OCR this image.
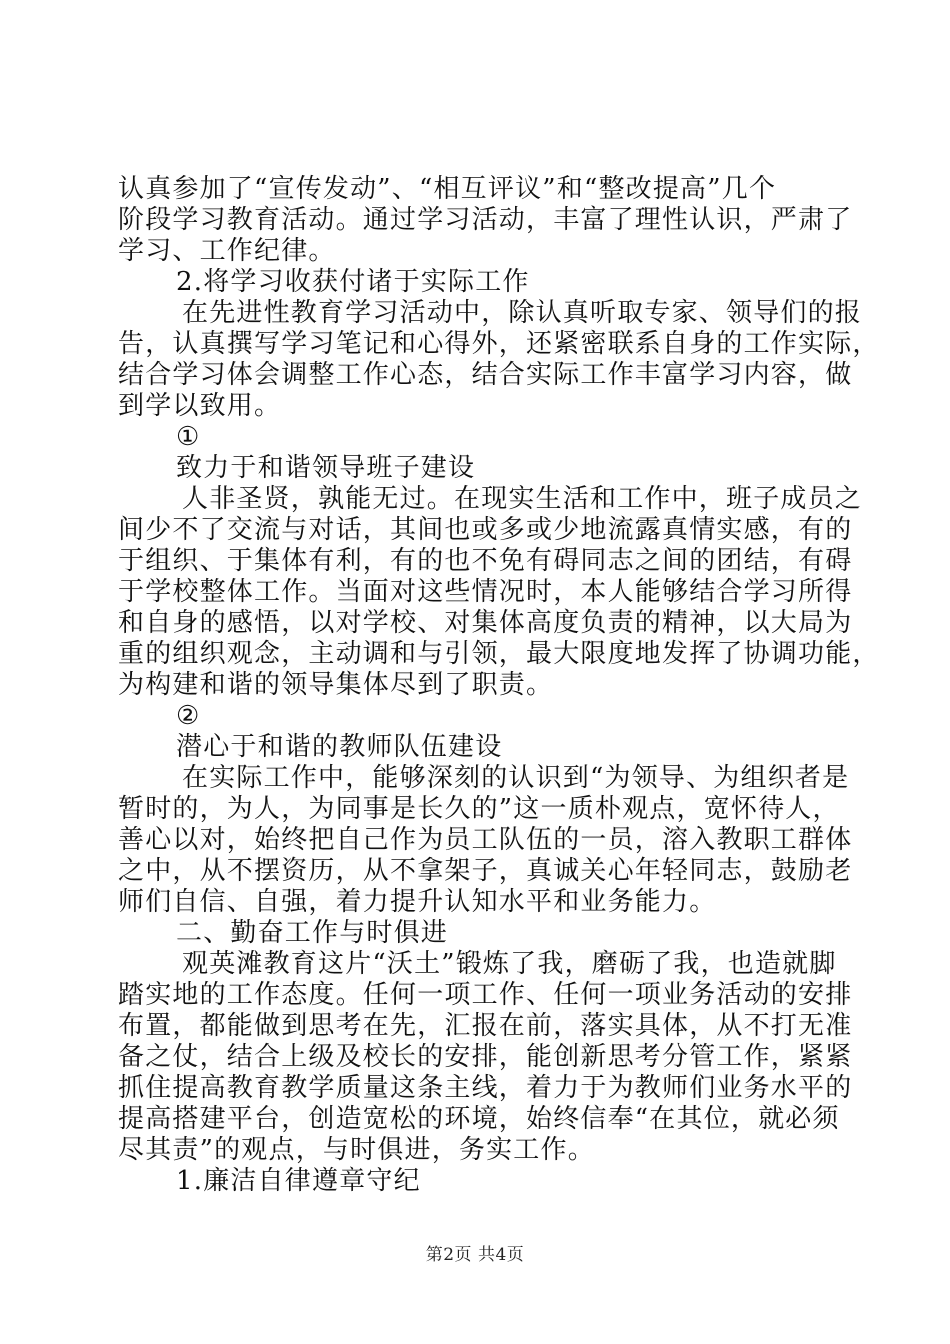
认真参加了“宣传发动”、“相互评议”和“整改提高”几个
阶段学习教育活动。通过学习活动，丰富了理性认识，严肃了
学习、工作纪律。
2.将学习收获付诸于实际工作
在先进性教育学习活动中，除认真听取专家、领导们的报
告，认真撰写学习笔记和心得外，还紧密联系自身的工作实际，
结合学习体会调整工作心态，结合实际工作丰富学习内容，做
到学以致用。
①
致力于和谐领导班子建设
人非圣贤，孰能无过。在现实生活和工作中，班子成员之
间少不了交流与对话，其间也或多或少地流露真情实感，有的
于组织、于集体有利，有的也不免有碍同志之间的团结，有碍
于学校整体工作。当面对这些情况时，本人能够结合学习所得
和自身的感悟，以对学校、对集体高度负责的精神，以大局为
重的组织观念，主动调和与引领，最大限度地发挥了协调功能，
为构建和谐的领导集体尽到了职责。
②
潜心于和谐的教师队伍建设
在实际工作中，能够深刻的认识到“为领导、为组织者是
暂时的，为人，为同事是长久的”这一质朴观点，宽怀待人，
善心以对，始终把自己作为员工队伍的一员，溶入教职工群体
之中，从不摆资历，从不拿架子，真诚关心年轻同志，鼓励老
师们自信、自强，着力提升认知水平和业务能力。
二、勤奋工作与时俱进
观英滩教育这片“沃土”锻炼了我，磨砺了我，也造就脚
踏实地的工作态度。任何一项工作、任何一项业务活动的安排
布置，都能做到思考在先，汇报在前，落实具体，从不打无准
备之仗，结合上级及校长的安排，能创新思考分管工作，紧紧
抓住提高教育教学质量这条主线，着力于为教师们业务水平的
提高搭建平台，创造宽松的环境，始终信奉“在其位，就必须
尽其责”的观点，与时俱进，务实工作。
1.廉洁自律遵章守纪
第2页 共4页
